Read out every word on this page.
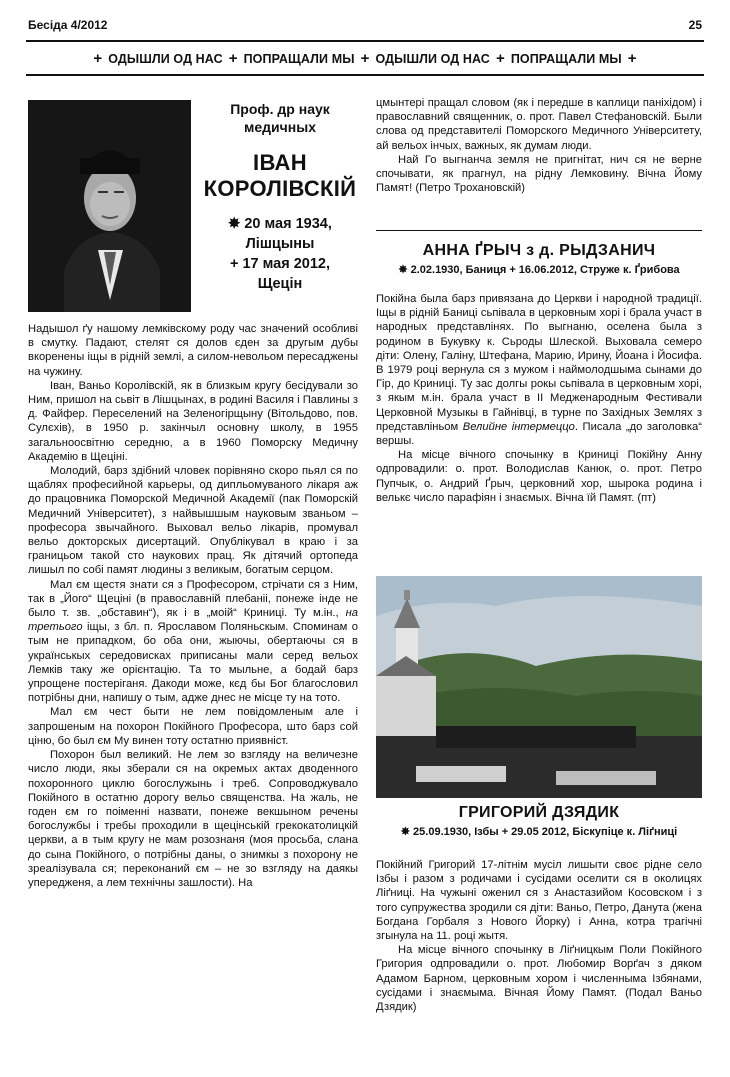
Бесіда 4/2012	25
+ ОДЫШЛИ ОД НАС + ПОПРАЩАЛИ МЫ + ОДЫШЛИ ОД НАС + ПОПРАЩАЛИ МЫ +
Проф. др наук медичных
ІВАН
КОРОЛІВСКІЙ
✸ 20 мая 1934,
Лішцыны
+ 17 мая 2012,
Щецін

Надышол ґу нашому лемківскому роду час значений особливі в смутку. Падают, стелят ся долов єден за другым дубы вкоренены іщы в рідній землі, а силом-невольом пересаджены на чужину.

Іван, Ваньо Королівскій, як в близкым кругу бесідували зо Ним, пришол на сьвіт в Лішцынах, в родині Василя і Павлины з д. Файфер. Переселений на Зеленогірщыну (Вітольдово, пов. Сулєхів), в 1950 р. закінчыл основну школу, в 1955 загальноосвітню середню, а в 1960 Поморску Медичну Академію в Щеціні.

Молодий, барз здібний чловек порівняно скоро пьял ся по щаблях професийной карьеры, од дипльомуваного лікаря аж до працовника Поморской Медичной Академії (пак Поморскій Медичний Університет), з найвышшым науковым званьом – професора звычайного. Выховал вельо лікарів, промувал вельо докторскых дисертаций. Опублікувал в краю і за границьом такой сто наукових прац. Як дітячий ортопеда лишыл по собі памят людины з великым, богатым серцом.

Мал єм щестя знати ся з Професором, стрічати ся з Ним, так в „Його“ Щеціні (в православній плебаніі, понеже інде не было т. зв. „обставин“), як і в „моій“ Криниці. Ту м.ін., на третього іщы, з бл. п. Ярославом Поляньскым. Споминам о тым не припадком, бо оба они, жыючы, обертаючы ся в українськых середовисках приписаны мали серед вельох Лемків таку же орієнтацію. Та то мыльне, а бодай барз упрощене постеріганя. Дакоди може, кєд бы Бог благословил потрібны дни, напишу о тым, адже днес не місце ту на тото.

Мал єм чест быти не лем повідомленым але і запрошеным на похорон Покійного Професора, што барз сой ціню, бо был єм Му винен тоту остатню приявніст.

Похорон был великий. Не лем зо взгляду на величезне число люди, якы зберали ся на окремых актах дводенного похоронного циклю богослужынь і треб. Сопроводжувало Покійного в остатню дорогу вельо священства. На жаль, не годен єм го поіменні назвати, понеже векшыном речены богослужбы і требы проходили в щецінській грекокатолицкій церкви, а в тым кругу не мам розознаня (моя просьба, слана до сына Покійного, о потрібны даны, о знимкы з похорону не зреалізувала ся; переконаний єм – не зо взгляду на даякы упередженя, а лем технічны зашлости). На

цмынтері пращал словом (як і передше в каплици паніхідом) і православний священник, о. прот. Павел Стефановскій. Были слова од представителі Поморского Медичного Університету, ай вельох інчых, важных, як думам люди.

Най Го выгнанча земля не пригнітат, нич ся не верне спочывати, як прагнул, на рідну Лемковину. Вічна Йому Памят! (Петро Трохановскій)

АННА ҐРЫЧ з д. РЫДЗАНИЧ
✸ 2.02.1930, Баниця + 16.06.2012, Струже к. Ґрибова

Покійна была барз привязана до Церкви і народной традиції. Іщы в рідній Баниці сьпівала в церковным хорі і брала участ в народных представлінях. По выгнаню, оселена была з родином в Букувку к. Сьроды Шлеской. Выховала семеро діти: Олену, Галіну, Штефана, Марию, Ирину, Йоана і Йосифа. В 1979 році вернула ся з мужом і наймолодшыма сынами до Гір, до Криниці. Ту зас долгы рокы сьпівала в церковным хорі, з якым м.ін. брала участ в II Медженародным Фестивали Церковной Музыкы в Гайнівці, в турне по Західных Землях з представліньом Велийне інтермеццо. Писала „до заголовка“ вершы.

На місце вічного спочынку в Криниці Покійну Анну одпровадили: о. прот. Володислав Канюк, о. прот. Петро Пупчык, о. Андрий Ґрыч, церковний хор, шырока родина і велькє число парафіян і знаємых. Вічна їй Памят. (пт)

ГРИГОРИЙ ДЗЯДИК
✸ 25.09.1930, Ізбы + 29.05 2012, Біскупіце к. Ліґниці

Покійний Григорий 17-літнім мусіл лишыти своє рідне село Ізбы і разом з родичами і сусідами оселити ся в околицях Ліґниці. На чужыні оженил ся з Анастазийом Косовском і з того супружества зродили ся діти: Ваньо, Петро, Данута (жена Богдана Горбаля з Нового Йорку) і Анна, котра трагічні згынула на 11. році жытя.

На місце вічного спочынку в Ліґницкым Поли Покійного Григория одпровадили о. прот. Любомир Ворґач з дяком Адамом Барном, церковным хором і численныма Ізбянами, сусідами і знаємыма. Вічная Йому Памят. (Подал Ваньо Дзядик)
